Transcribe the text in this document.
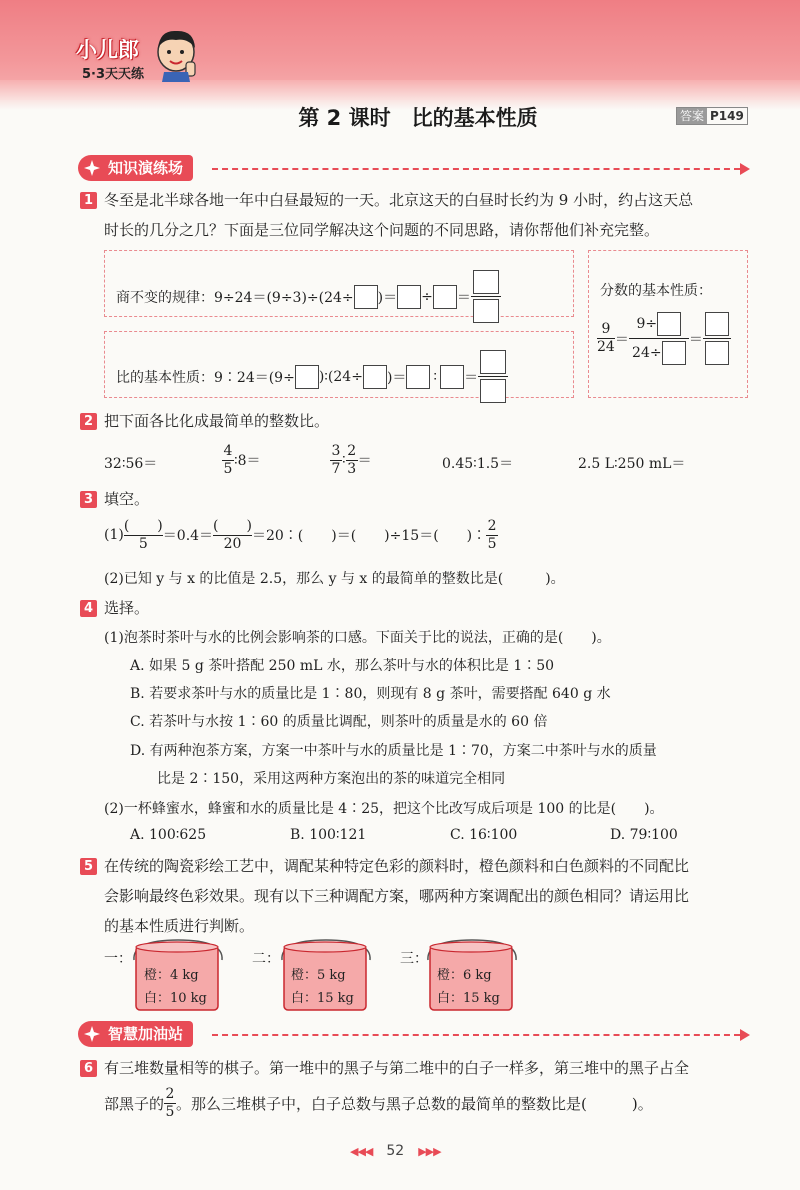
小儿郎
5·3天天练
第 2 课时　比的基本性质	答案 P149
知识演练场
1 冬至是北半球各地一年中白昼最短的一天。北京这天的白昼时长约为 9 小时，约占这天总
时长的几分之几？下面是三位同学解决这个问题的不同思路，请你帮他们补充完整。
商不变的规律：9÷24＝(9÷3)÷(24÷ )＝ ÷ ＝
比的基本性质：9∶24＝(9÷ )∶(24÷ )＝ ∶ ＝
分数的基本性质：
$\frac{9}{24}$ ＝
9÷
24÷
＝
2 把下面各比化成最简单的整数比。
32∶56＝	$\frac{4}{5}$ ∶8＝	$\frac{3}{7}$ ∶ $\frac{2}{3}$ ＝	0.45∶1.5＝	2.5 L∶250 mL＝
3 填空。
$(1) \frac{( )}{5} =0.4= \frac{( )}{20}$ ＝20∶(　　)＝(　　)÷15＝(　　)∶ $\frac{2}{5}$
(2)已知 y 与 x 的比值是 2.5，那么 y 与 x 的最简单的整数比是(　　　)。
4 选择。
(1)泡茶时茶叶与水的比例会影响茶的口感。下面关于比的说法，正确的是(　　)。
A. 如果 5 g 茶叶搭配 250 mL 水，那么茶叶与水的体积比是 1∶50
B. 若要求茶叶与水的质量比是 1∶80，则现有 8 g 茶叶，需要搭配 640 g 水
C. 若茶叶与水按 1∶60 的质量比调配，则茶叶的质量是水的 60 倍
D. 有两种泡茶方案，方案一中茶叶与水的质量比是 1∶70，方案二中茶叶与水的质量
比是 2∶150，采用这两种方案泡出的茶的味道完全相同
(2)一杯蜂蜜水，蜂蜜和水的质量比是 4∶25，把这个比改写成后项是 100 的比是(　　)。
A. 100∶625	B. 100∶121	C. 16∶100	D. 79∶100
5 在传统的陶瓷彩绘工艺中，调配某种特定色彩的颜料时，橙色颜料和白色颜料的不同配比
会影响最终色彩效果。现有以下三种调配方案，哪两种方案调配出的颜色相同？请运用比
的基本性质进行判断。
一：
橙：4 kg
白：10 kg
二：
橙：5 kg
白：15 kg
三：
橙：6 kg
白：15 kg
智慧加油站
6 有三堆数量相等的棋子。第一堆中的黑子与第二堆中的白子一样多，第三堆中的黑子占全
部黑子的 $\frac{2}{5}$ 。那么三堆棋子中，白子总数与黑子总数的最简单的整数比是(　　　)。
◀◀◀ 52 ▶▶▶
